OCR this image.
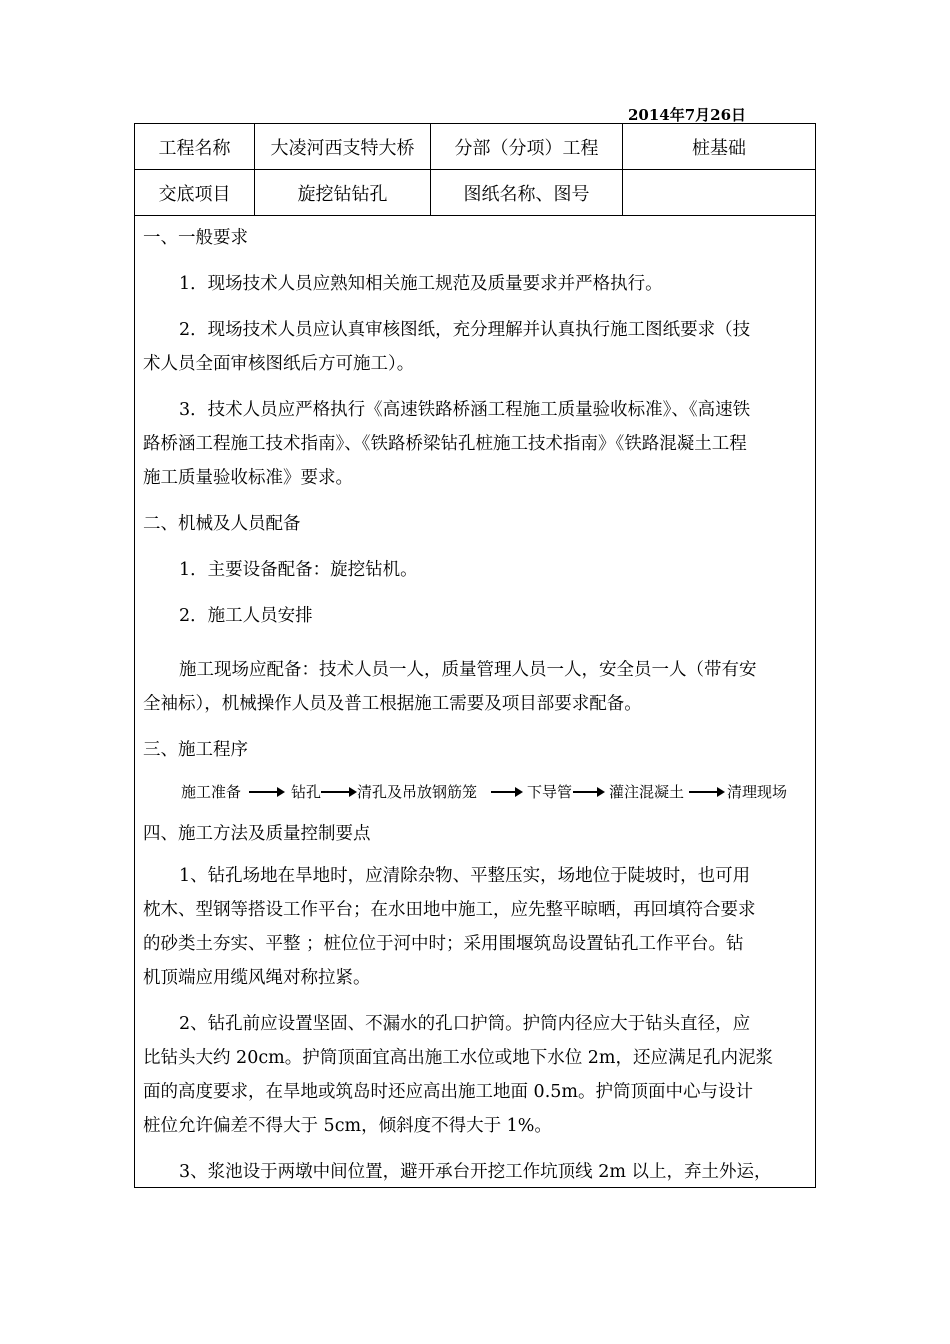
2014年7月26日
工程名称	大凌河西支特大桥	分部（分项）工程	桩基础
交底项目	旋挖钻钻孔	图纸名称、图号
一、一般要求
1．现场技术人员应熟知相关施工规范及质量要求并严格执行。
2．现场技术人员应认真审核图纸，充分理解并认真执行施工图纸要求（技
术人员全面审核图纸后方可施工）。
3．技术人员应严格执行《高速铁路桥涵工程施工质量验收标准》、《高速铁
路桥涵工程施工技术指南》、《铁路桥梁钻孔桩施工技术指南》《铁路混凝土工程
施工质量验收标准》要求。
二、机械及人员配备
1．主要设备配备：旋挖钻机。
2．施工人员安排
施工现场应配备：技术人员一人，质量管理人员一人，安全员一人（带有安
全袖标），机械操作人员及普工根据施工需要及项目部要求配备。
三、施工程序
施工准备	钻孔 清孔及吊放钢筋笼	下导管 灌注混凝土	清理现场
四、施工方法及质量控制要点
1、钻孔场地在旱地时，应清除杂物、平整压实，场地位于陡坡时，也可用
枕木、型钢等搭设工作平台；在水田地中施工，应先整平晾晒，再回填符合要求
的砂类土夯实、平整 ；桩位位于河中时；采用围堰筑岛设置钻孔工作平台。钻
机顶端应用缆风绳对称拉紧。
2、钻孔前应设置坚固、不漏水的孔口护筒。护筒内径应大于钻头直径，应
比钻头大约 20cm。护筒顶面宜高出施工水位或地下水位 2m，还应满足孔内泥浆
面的高度要求，在旱地或筑岛时还应高出施工地面 0.5m。护筒顶面中心与设计
桩位允许偏差不得大于 5cm，倾斜度不得大于 1%。
3、浆池设于两墩中间位置，避开承台开挖工作坑顶线 2m 以上，弃土外运，
